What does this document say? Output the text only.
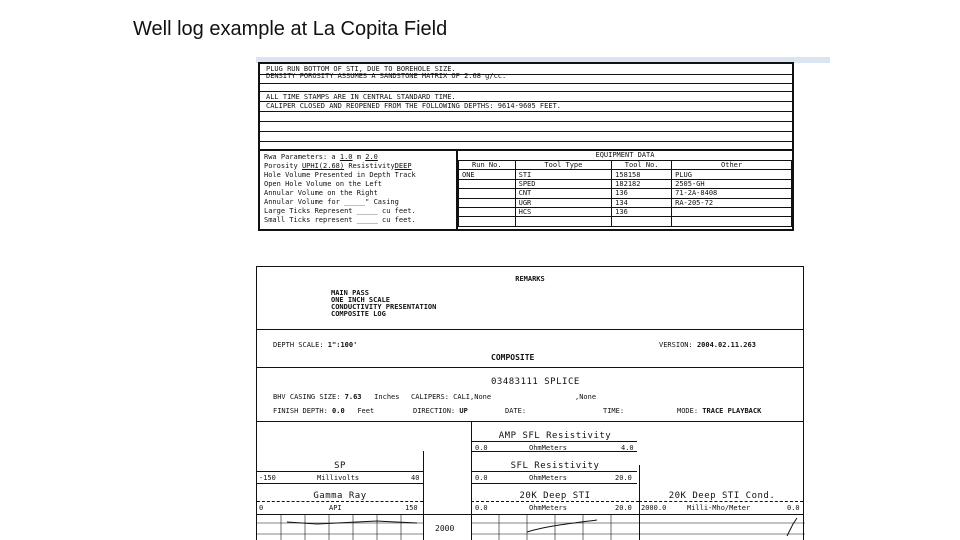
Well log example at La Copita Field
PLUG RUN BOTTOM OF STI, DUE TO BOREHOLE SIZE.
DENSITY POROSITY ASSUMES A SANDSTONE MATRIX OF 2.68 g/cc.
ALL TIME STAMPS ARE IN CENTRAL STANDARD TIME.
CALIPER CLOSED AND REOPENED FROM THE FOLLOWING DEPTHS: 9614-9605 FEET.
Rwa Parameters: a 1.0 m 2.0
Porosity UPHI(2.68) ResistivityDEEP
Hole Volume Presented in Depth Track
Open Hole Volume on the Left
Annular Volume on the Right
Annular Volume for _____" Casing
Large Ticks Represent _____ cu feet.
Small Ticks represent _____ cu feet.
EQUIPMENT DATA
Run No.	Tool Type	Tool No.	Other
ONE	STI	158158	PLUG
	SPED	182182	2505-GH
	CNT	136	71-2A-8408
	UGR	134	RA-205-72
	HCS	136	

REMARKS
MAIN PASS
ONE INCH SCALE
CONDUCTIVITY PRESENTATION
COMPOSITE LOG
DEPTH SCALE: 1":100'	VERSION: 2004.02.11.263
COMPOSITE
03483111 SPLICE
BHV CASING SIZE: 7.63 Inches CALIPERS: CALI,None	,None
FINISH DEPTH: 0.0 Feet	DIRECTION: UP	DATE:	TIME:	MODE: TRACE PLAYBACK
AMP SFL Resistivity
0.0	OhmMeters	4.0
SP
-150	Millivolts	40
SFL Resistivity
0.0	OhmMeters	20.0
Gamma Ray
0	API	150
20K Deep STI
0.0	OhmMeters	20.0
20K Deep STI Cond.
2000.0	Milli-Mho/Meter	0.0
2000
